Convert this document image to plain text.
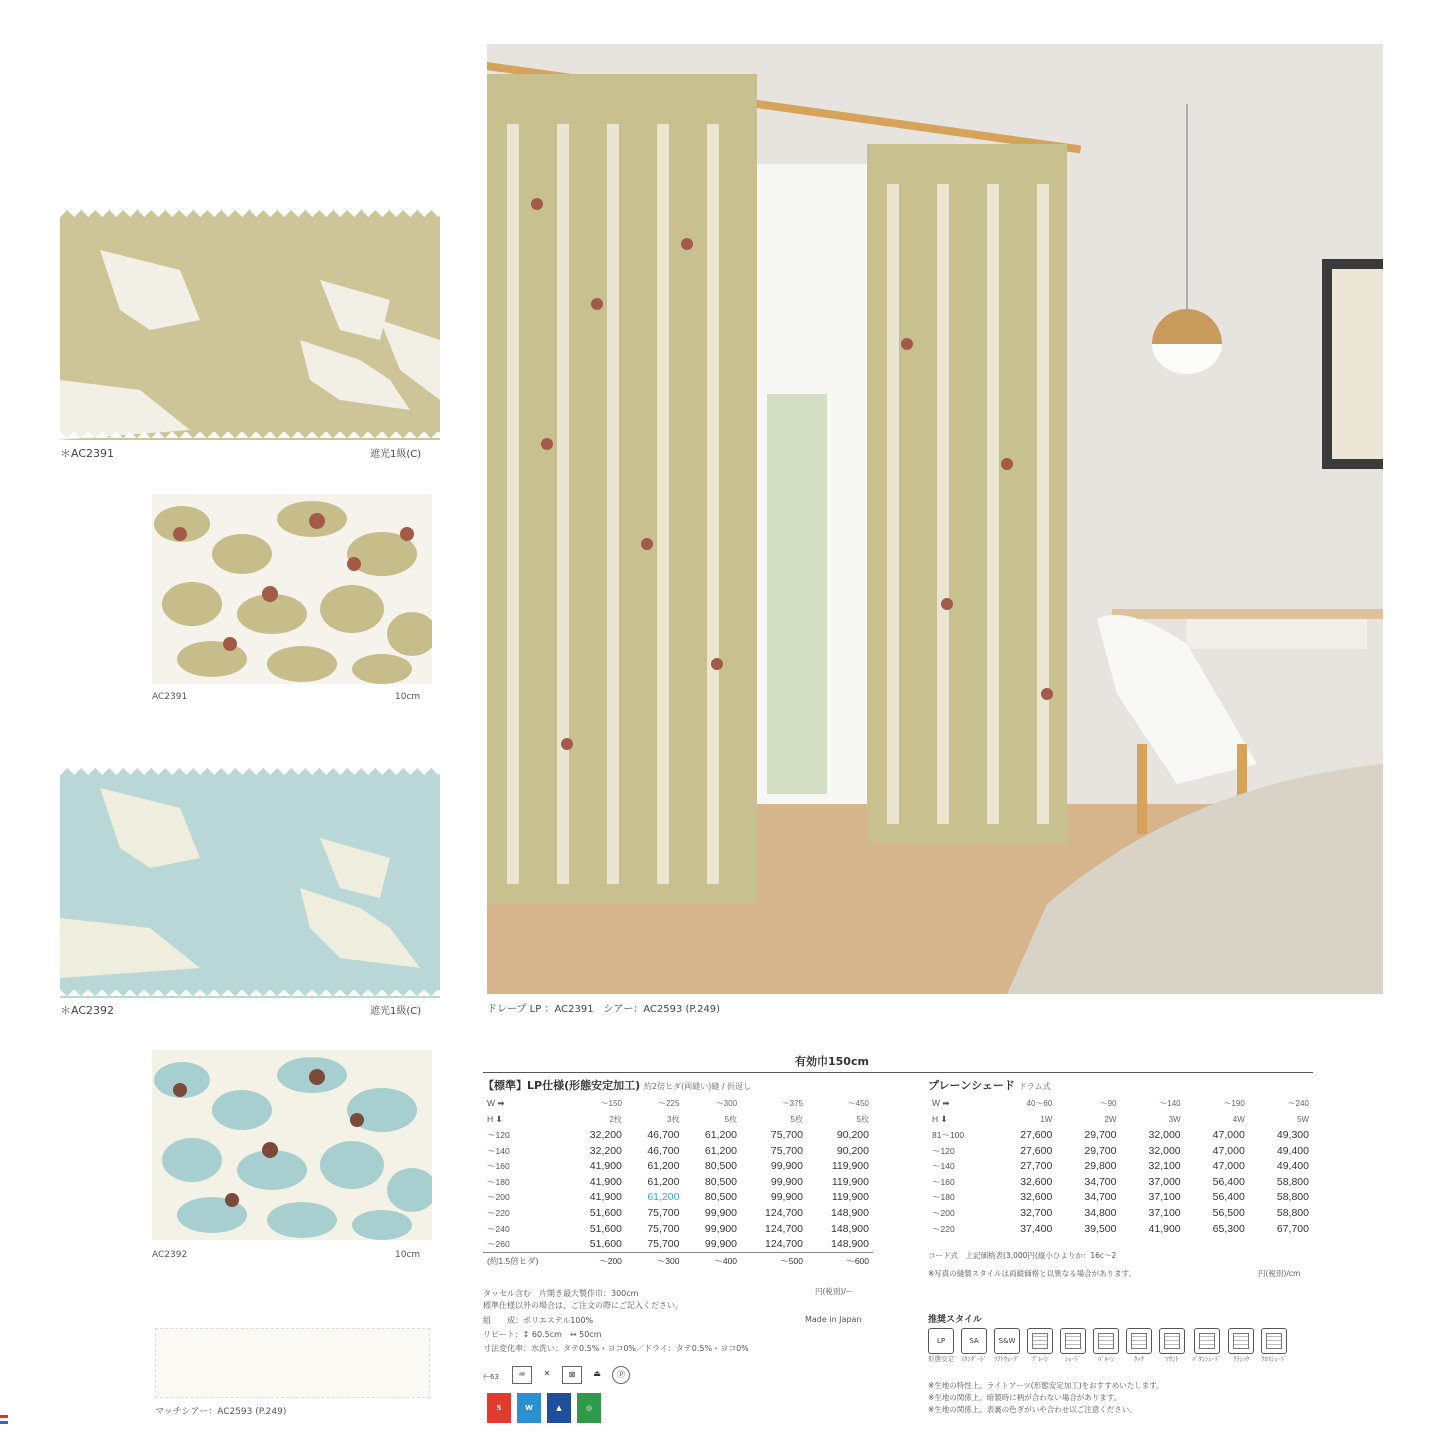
＊AC2391	遮光1級(C)
AC2391	10cm
＊AC2392	遮光1級(C)
AC2392	10cm
マッチシアー：AC2593 (P.249)
ドレープ LP ：AC2391　シアー：AC2593 (P.249)
有効巾150cm
【標準】LP仕様(形態安定加工) 約2倍ヒダ(両縫い)縫 / 折返し
W ➡	～150	～225	～300	～375	～450
H ⬇	2枚	3枚	5枚	5枚	5枚
～120	32,200	46,700	61,200	75,700	90,200
～140	32,200	46,700	61,200	75,700	90,200
～160	41,900	61,200	80,500	99,900	119,900
～180	41,900	61,200	80,500	99,900	119,900
～200	41,900	61,200	80,500	99,900	119,900
～220	51,600	75,700	99,900	124,700	148,900
～240	51,600	75,700	99,900	124,700	148,900
～260	51,600	75,700	99,900	124,700	148,900
(約1.5倍ヒダ)	～200	～300	～400	～500	～600
円(税別)/ー
プレーンシェード ドラム式
W ➡	40～60	～90	～140	～190	～240
H ⬇	1W	2W	3W	4W	5W
81～100	27,600	29,700	32,000	47,000	49,300
～120	27,600	29,700	32,000	47,000	49,400
～140	27,700	29,800	32,100	47,000	49,400
～160	32,600	34,700	37,000	56,400	58,800
～180	32,600	34,700	37,100	56,400	58,800
～200	32,700	34,800	37,100	56,500	58,800
～220	37,400	39,500	41,900	65,300	67,700
コード式　上記価格表(3,000円(縦小ひよりか：16c～2
※写真の縫製スタイルは両縦価格と以異なる場合があります。	円(税別)/cm
タッセル含む　片開き最大製作巾：300cm
標準仕様以外の場合は、ご注文の際にご記入ください。
組　　成：ポリエステル100%	Made in Japan
リピート：↕ 60.5cm　↔ 50cm
寸法変化率：水洗い：タテ0.5%・ヨコ0%／ドライ：タテ0.5%・ヨコ0%
ﾁｰ63	♒	✕	⊠	⏏	Ⓟ
5	W	▲	◎
推奨スタイル
LP
形態安定
SA
ｽﾀﾝﾀﾞｰﾄﾞ
S&W
ｿﾌﾄｳｪｰﾌﾞ ﾌﾟﾚｰﾝ	ｼｪｰﾄﾞ	ﾊﾞﾙｰﾝ	ﾀｯｸ	ﾏｳﾝﾄ ﾊﾟﾀﾝｼｪｰﾄﾞ ｸﾗｼｯｸ ｸﾛｽｼｪｰﾄﾞ
※生地の特性上、ライトアーツ(形態安定加工)をおすすめいたします。
※生地の関係上、暗製時に柄が合わない場合があります。
※生地の関係上、表裏の色ぎがいや合わせ以ご注意ください。
